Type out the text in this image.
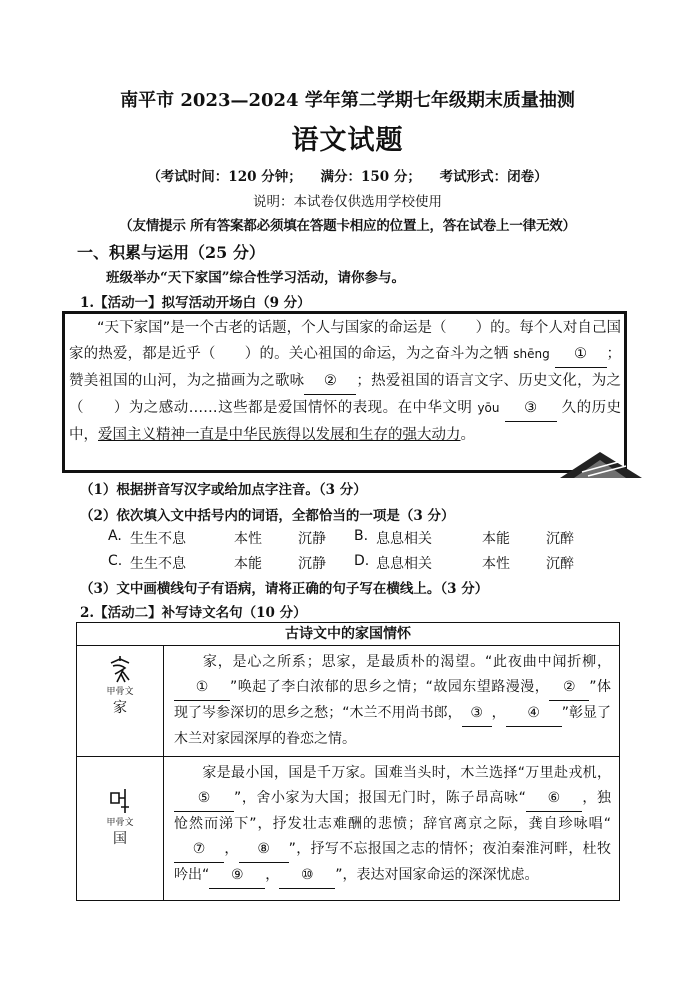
南平市 2023—2024 学年第二学期七年级期末质量抽测
语文试题
（考试时间：120 分钟；    满分：150 分；    考试形式：闭卷）
说明：本试卷仅供选用学校使用
（友情提示 所有答案都必须填在答题卡相应的位置上，答在试卷上一律无效）
一、积累与运用（25 分）
班级举办“天下家国”综合性学习活动，请你参与。
1.【活动一】拟写活动开场白（9 分）
“天下家国”是一个古老的话题，个人与国家的命运是（　　）的。每个人对自己国家的热爱，都是近乎（　　）的。关心祖国的命运，为之奋斗为之牺 shēng ① ；赞美祖国的山河，为之描画为之歌咏 ② ；热爱祖国的语言文字、历史文化，为之（　　）为之感动……这些都是爱国情怀的表现。在中华文明 yōu ③ 久的历史中，爱国主义精神一直是中华民族得以发展和生存的强大动力。
（1）根据拼音写汉字或给加点字注音。（3 分）
（2）依次填入文中括号内的词语，全都恰当的一项是（3 分）
A. 生生不息	本性	沉静 B. 息息相关	本能	沉醉
C. 生生不息	本能	沉静 D. 息息相关	本性	沉醉
（3）文中画横线句子有语病，请将正确的句子写在横线上。（3 分）
2.【活动二】补写诗文名句（10 分）
古诗文中的家国情怀	

甲骨文
家	家，是心之所系；思家，是最质朴的渴望。“此夜曲中闻折柳，① ”唤起了李白浓郁的思乡之情；“故园东望路漫漫， ② ”体现了岑参深切的思乡之愁；“木兰不用尚书郎， ③ ， ④ ”彰显了木兰对家园深厚的眷恋之情。

甲骨文
国	家是最小国，国是千万家。国难当头时，木兰选择“万里赴戎机，⑤ ”，舍小家为大国；报国无门时，陈子昂高咏“ ⑥ ，独怆然而涕下”，抒发壮志难酬的悲愤；辞官离京之际，龚自珍咏唱“⑦ ， ⑧ ”，抒写不忘报国之志的情怀；夜泊秦淮河畔，杜牧吟出“ ⑨ ， ⑩ ”，表达对国家命运的深深忧虑。
